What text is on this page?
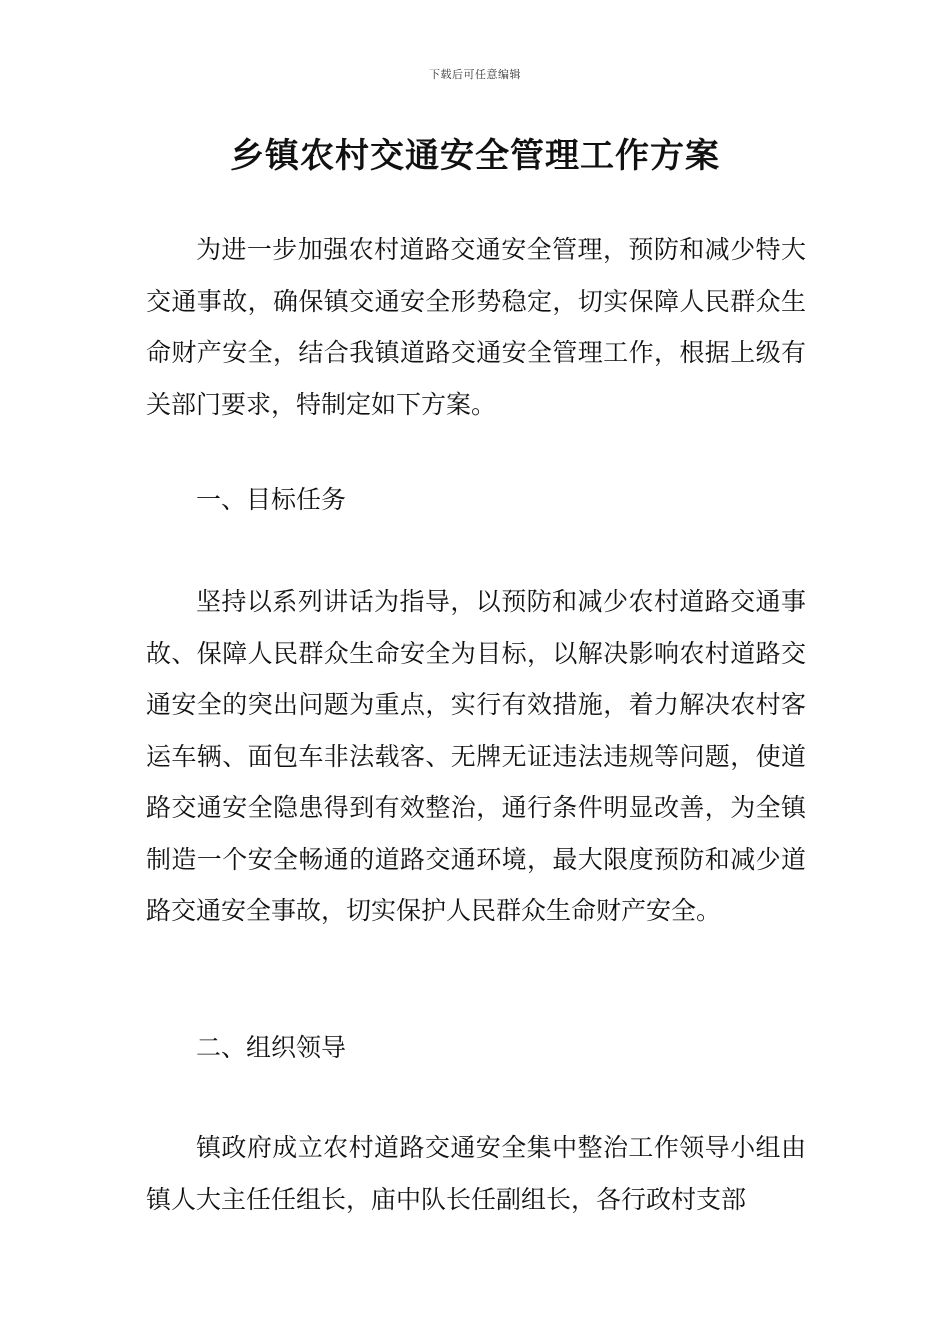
下载后可任意编辑
乡镇农村交通安全管理工作方案

为进一步加强农村道路交通安全管理，预防和减少特大交通事故，确保镇交通安全形势稳定，切实保障人民群众生命财产安全，结合我镇道路交通安全管理工作，根据上级有关部门要求，特制定如下方案。

一、目标任务

坚持以系列讲话为指导，以预防和减少农村道路交通事故、保障人民群众生命安全为目标，以解决影响农村道路交通安全的突出问题为重点，实行有效措施，着力解决农村客运车辆、面包车非法载客、无牌无证违法违规等问题，使道路交通安全隐患得到有效整治，通行条件明显改善，为全镇制造一个安全畅通的道路交通环境，最大限度预防和减少道路交通安全事故，切实保护人民群众生命财产安全。

二、组织领导

镇政府成立农村道路交通安全集中整治工作领导小组由镇人大主任任组长，庙中队长任副组长，各行政村支部
